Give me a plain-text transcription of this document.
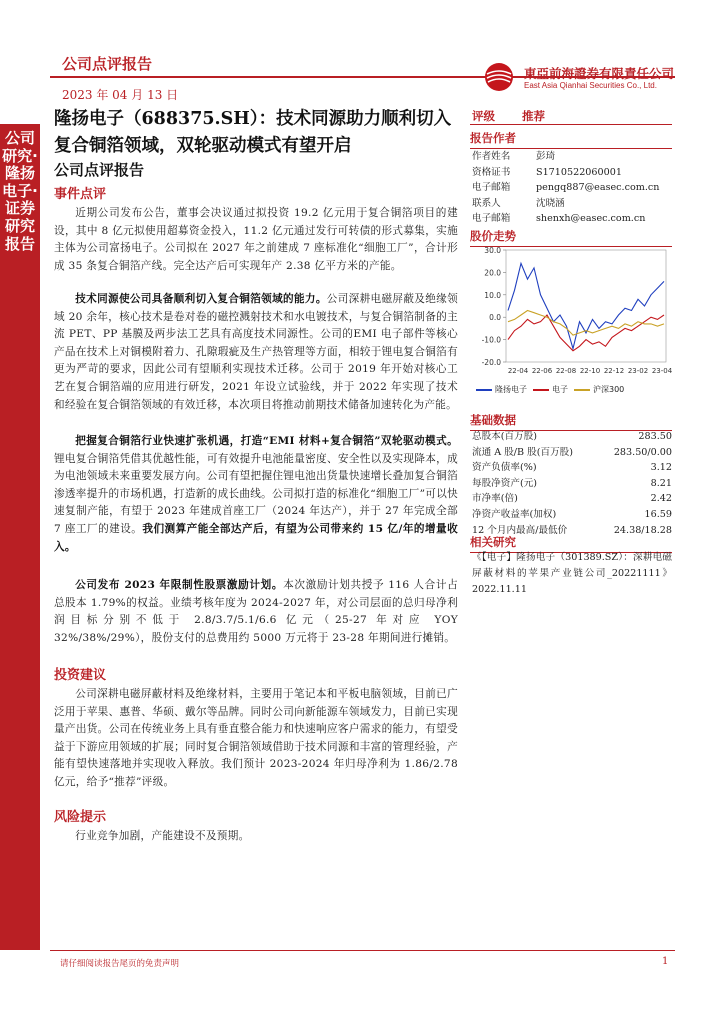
公司点评报告
2023 年 04 月 13 日
東亞前海證券有限責任公司
East Asia Qianhai Securities Co., Ltd.
公司研究·隆扬电子·证券研究报告
隆扬电子（688375.SH）：技术同源助力顺利切入复合铜箔领域，双轮驱动模式有望开启
公司点评报告
事件点评
近期公司发布公告，董事会决议通过拟投资 19.2 亿元用于复合铜箔项目的建设，其中 8 亿元拟使用超募资金投入，11.2 亿元通过发行可转债的形式募集，实施主体为公司富扬电子。公司拟在 2027 年之前建成 7 座标准化“细胞工厂”，合计形成 35 条复合铜箔产线。完全达产后可实现年产 2.38 亿平方米的产能。
技术同源使公司具备顺利切入复合铜箔领域的能力。公司深耕电磁屏蔽及绝缘领域 20 余年，核心技术是卷对卷的磁控溅射技术和水电镀技术，与复合铜箔制备的主流 PET、PP 基膜及两步法工艺具有高度技术同源性。公司的EMI 电子部件等核心产品在技术上对铜模附着力、孔隙瑕疵及生产热管理等方面，相较于锂电复合铜箔有更为严苛的要求，因此公司有望顺利实现技术迁移。公司于 2019 年开始对核心工艺在复合铜箔端的应用进行研发，2021 年设立试验线，并于 2022 年实现了技术和经验在复合铜箔领域的有效迁移，本次项目将推动前期技术储备加速转化为产能。
把握复合铜箔行业快速扩张机遇，打造“EMI 材料+复合铜箔”双轮驱动模式。锂电复合铜箔凭借其优越性能，可有效提升电池能量密度、安全性以及实现降本，成为电池领域未来重要发展方向。公司有望把握住锂电池出货量快速增长叠加复合铜箔渗透率提升的市场机遇，打造新的成长曲线。公司拟打造的标准化“细胞工厂”可以快速复制产能，有望于 2023 年建成首座工厂（2024 年达产），并于 27 年完成全部 7 座工厂的建设。我们测算产能全部达产后，有望为公司带来约 15 亿/年的增量收入。
公司发布 2023 年限制性股票激励计划。本次激励计划共授予 116 人合计占总股本 1.79%的权益。业绩考核年度为 2024-2027 年，对公司层面的总归母净利润目标分别不低于 2.8/3.7/5.1/6.6 亿元（25-27 年对应 YOY 32%/38%/29%），股份支付的总费用约 5000 万元将于 23-28 年期间进行摊销。
投资建议
公司深耕电磁屏蔽材料及绝缘材料，主要用于笔记本和平板电脑领域，目前已广泛用于苹果、惠普、华硕、戴尔等品牌。同时公司向新能源车领域发力，目前已实现量产出货。公司在传统业务上具有垂直整合能力和快速响应客户需求的能力，有望受益于下游应用领域的扩展；同时复合铜箔领域借助于技术同源和丰富的管理经验，产能有望快速落地并实现收入释放。我们预计 2023-2024 年归母净利为 1.86/2.78 亿元，给予“推荐”评级。
风险提示
行业竞争加剧，产能建设不及预期。
评级 推荐
报告作者
作者姓名	彭琦
资格证书	S1710522060001
电子邮箱	pengq887@easec.com.cn
联系人	沈晓涵
电子邮箱	shenxh@easec.com.cn
股价走势
30.0
20.0
10.0
0.0
-10.0
-20.0
22-04 22-06 22-08 22-10 22-12 23-02 23-04
隆扬电子	电子	沪深300
基础数据
总股本(百万股)	283.50
流通 A 股/B 股(百万股)	283.50/0.00
资产负债率(%)	3.12
每股净资产(元)	8.21
市净率(倍)	2.42
净资产收益率(加权)	16.59
12 个月内最高/最低价	24.38/18.28
相关研究
《【电子】隆扬电子（301389.SZ）：深耕电磁屏蔽材料的苹果产业链公司_20221111》2022.11.11
请仔细阅读报告尾页的免责声明	1
